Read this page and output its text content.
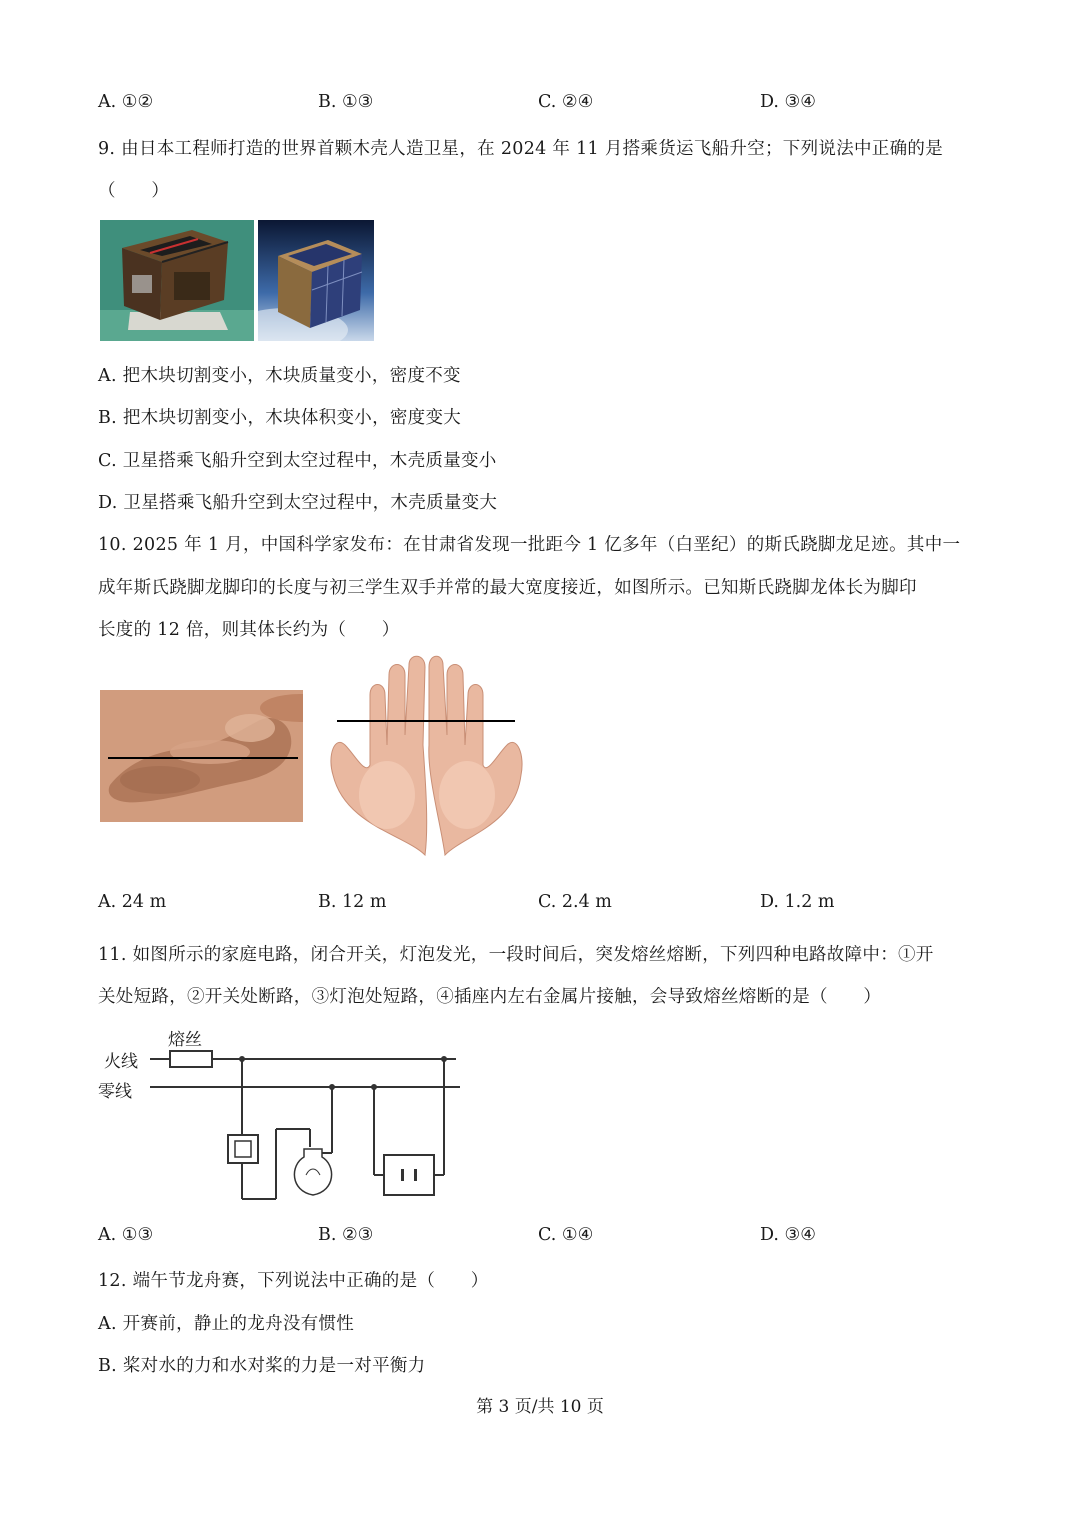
A. ①②	B. ①③	C. ②④	D. ③④
9. 由日本工程师打造的世界首颗木壳人造卫星，在 2024 年 11 月搭乘货运飞船升空；下列说法中正确的是
（　　）
A. 把木块切割变小，木块质量变小，密度不变
B. 把木块切割变小，木块体积变小，密度变大
C. 卫星搭乘飞船升空到太空过程中，木壳质量变小
D. 卫星搭乘飞船升空到太空过程中，木壳质量变大
10. 2025 年 1 月，中国科学家发布：在甘肃省发现一批距今 1 亿多年（白垩纪）的斯氏跷脚龙足迹。其中一
成年斯氏跷脚龙脚印的长度与初三学生双手并常的最大宽度接近，如图所示。已知斯氏跷脚龙体长为脚印
长度的 12 倍，则其体长约为（　　）
A. 24 m	B. 12 m	C. 2.4 m	D. 1.2 m
11. 如图所示的家庭电路，闭合开关，灯泡发光，一段时间后，突发熔丝熔断，下列四种电路故障中：①开
关处短路，②开关处断路，③灯泡处短路，④插座内左右金属片接触，会导致熔丝熔断的是（　　）
熔丝
火线
零线
A. ①③	B. ②③	C. ①④	D. ③④
12. 端午节龙舟赛，下列说法中正确的是（　　）
A. 开赛前，静止的龙舟没有惯性
B. 桨对水的力和水对桨的力是一对平衡力
第 3 页/共 10 页
